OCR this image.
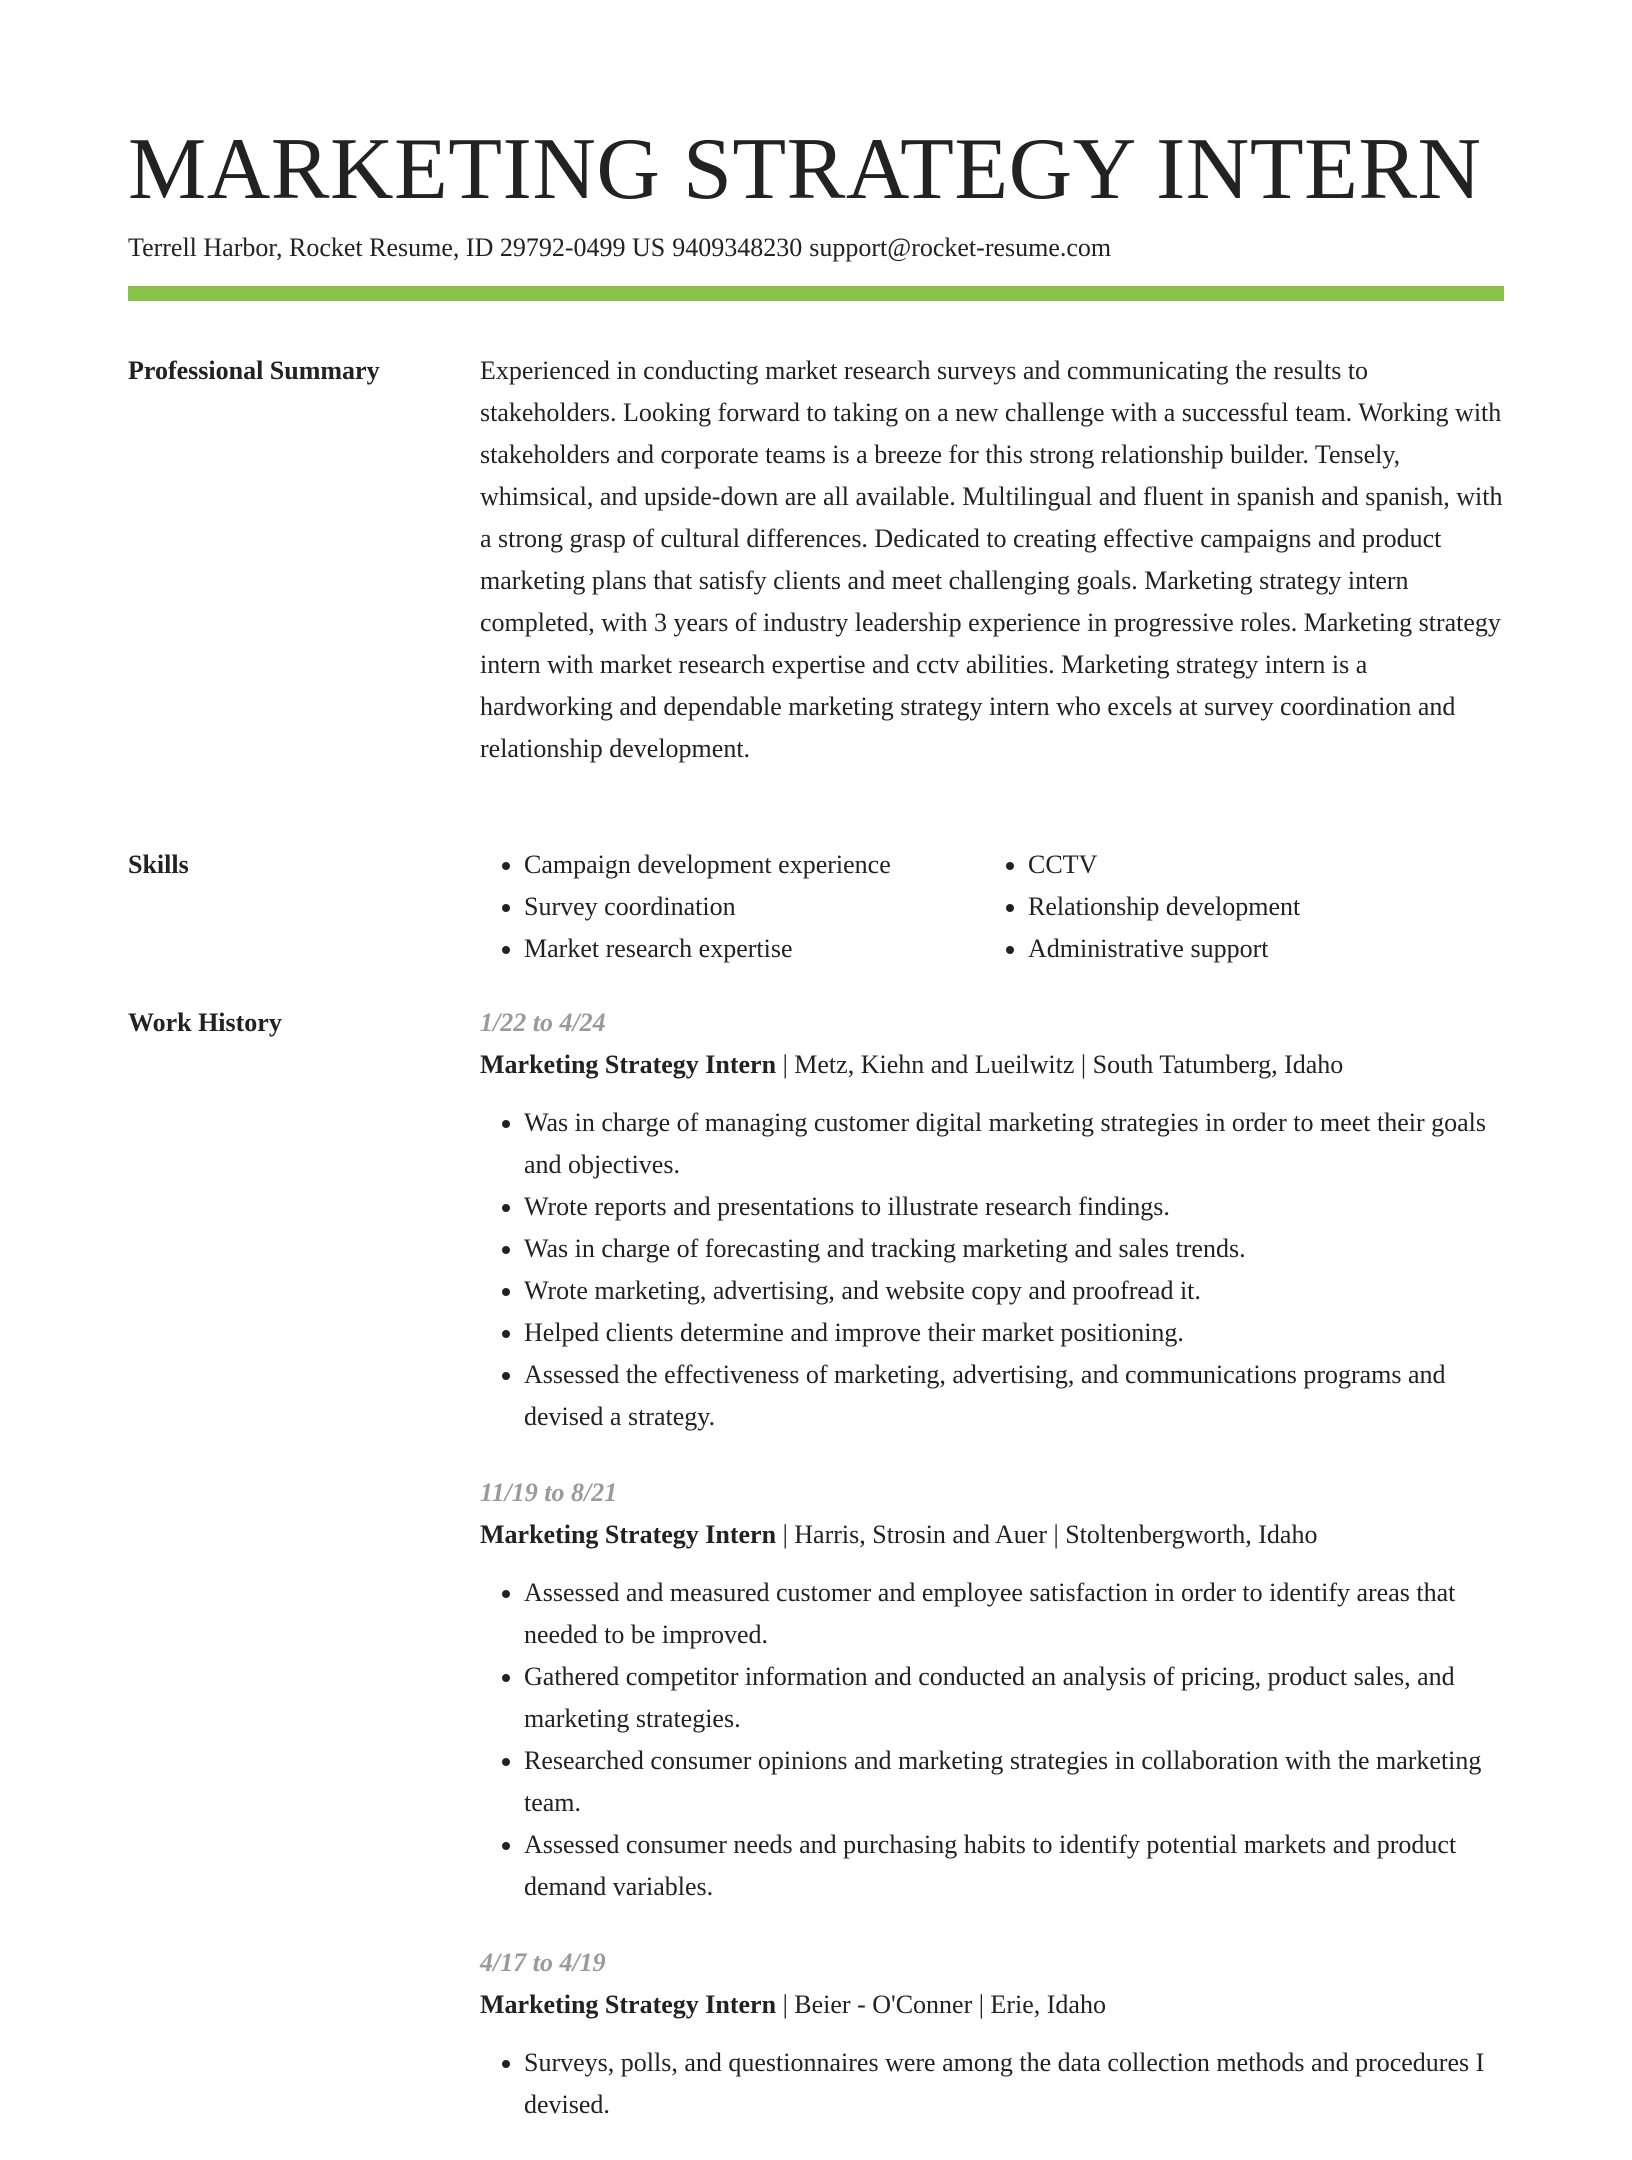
MARKETING STRATEGY INTERN
Terrell Harbor, Rocket Resume, ID 29792-0499 US 9409348230 support@rocket-resume.com
Professional Summary	Experienced in conducting market research surveys and communicating the results to stakeholders. Looking forward to taking on a new challenge with a successful team. Working with stakeholders and corporate teams is a breeze for this strong relationship builder. Tensely, whimsical, and upside-down are all available. Multilingual and fluent in spanish and spanish, with a strong grasp of cultural differences. Dedicated to creating effective campaigns and product marketing plans that satisfy clients and meet challenging goals. Marketing strategy intern completed, with 3 years of industry leadership experience in progressive roles. Marketing strategy intern with market research expertise and cctv abilities. Marketing strategy intern is a hardworking and dependable marketing strategy intern who excels at survey coordination and relationship development.

Skills
•	Campaign development experience
• Survey coordination
• Market research expertise
• CCTV
• Relationship development
• Administrative support
Work History	1/22 to 4/24
Marketing Strategy Intern | Metz, Kiehn and Lueilwitz | South Tatumberg, Idaho
• Was in charge of managing customer digital marketing strategies in order to meet their goals and objectives.
• Wrote reports and presentations to illustrate research findings.
• Was in charge of forecasting and tracking marketing and sales trends.
• Wrote marketing, advertising, and website copy and proofread it.
• Helped clients determine and improve their market positioning.
• Assessed the effectiveness of marketing, advertising, and communications programs and devised a strategy.
11/19 to 8/21
Marketing Strategy Intern | Harris, Strosin and Auer | Stoltenbergworth, Idaho
• Assessed and measured customer and employee satisfaction in order to identify areas that needed to be improved.
• Gathered competitor information and conducted an analysis of pricing, product sales, and marketing strategies.
• Researched consumer opinions and marketing strategies in collaboration with the marketing team.
• Assessed consumer needs and purchasing habits to identify potential markets and product demand variables.
4/17 to 4/19
Marketing Strategy Intern | Beier - O'Conner | Erie, Idaho
• Surveys, polls, and questionnaires were among the data collection methods and procedures I devised.
